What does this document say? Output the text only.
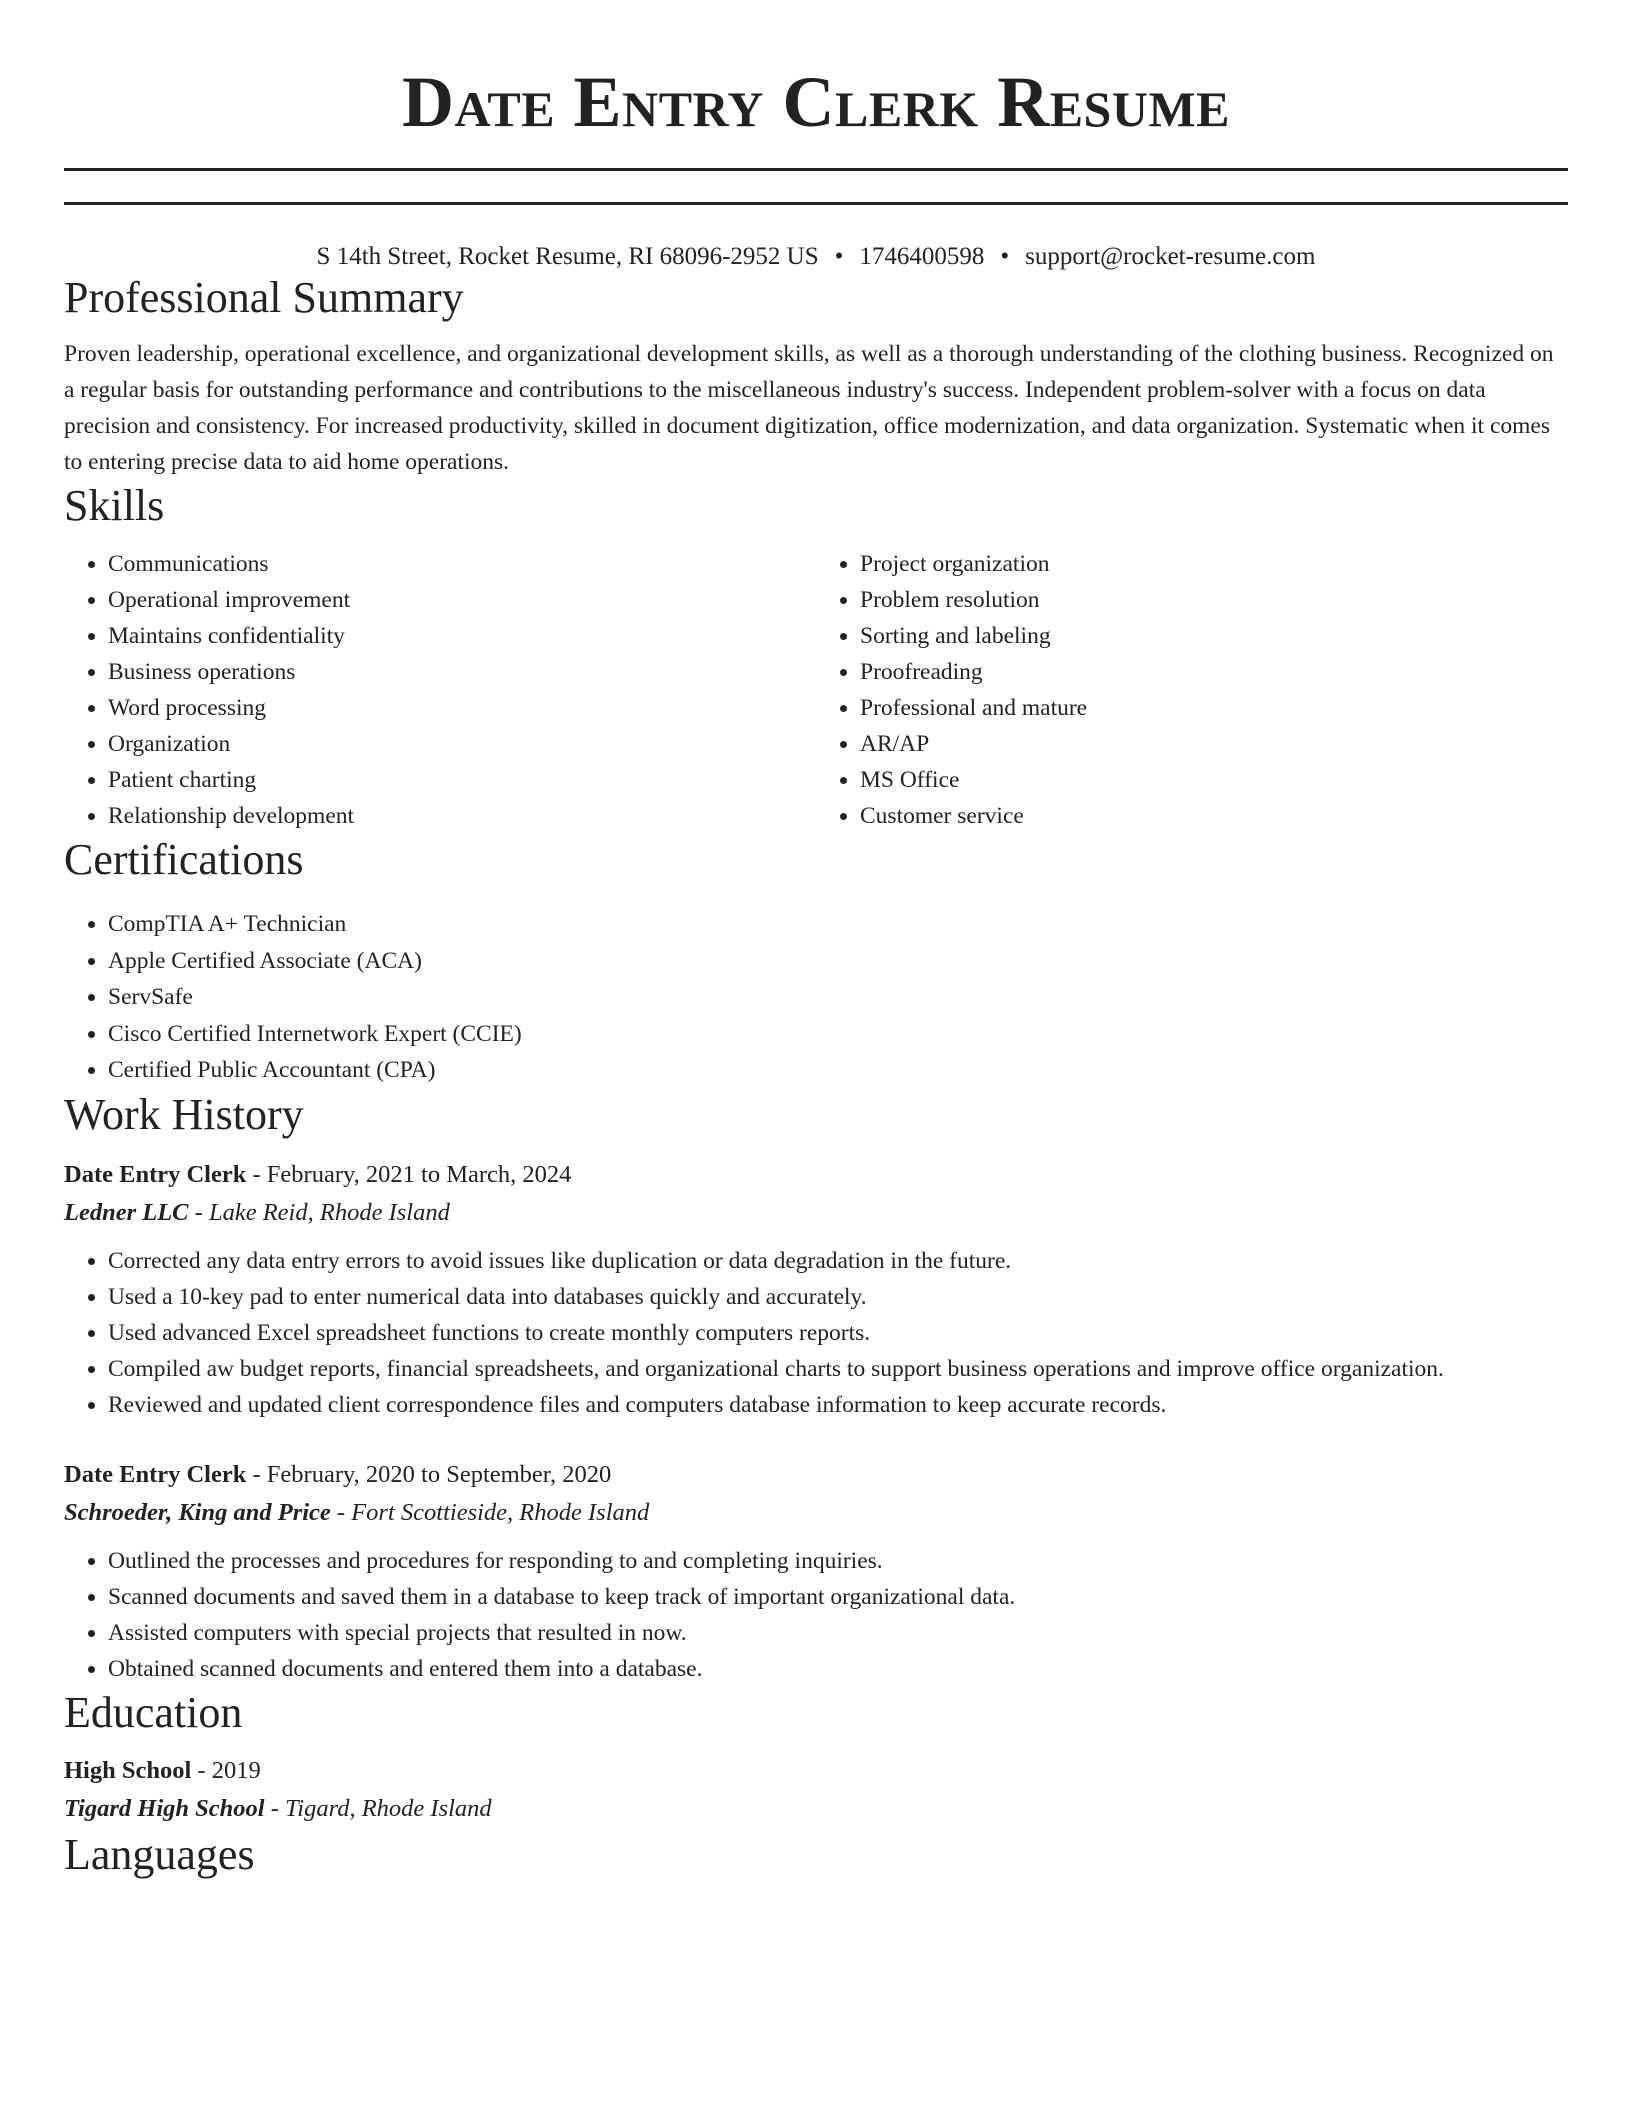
Date Entry Clerk Resume
S 14th Street, Rocket Resume, RI 68096-2952 US • 1746400598 • support@rocket-resume.com
Professional Summary

Proven leadership, operational excellence, and organizational development skills, as well as a thorough understanding of the clothing business. Recognized on a regular basis for outstanding performance and contributions to the miscellaneous industry's success. Independent problem-solver with a focus on data precision and consistency. For increased productivity, skilled in document digitization, office modernization, and data organization. Systematic when it comes to entering precise data to aid home operations.

Skills
• Communications
• Operational improvement
• Maintains confidentiality
• Business operations
• Word processing
• Organization
• Patient charting
• Relationship development
• Project organization
• Problem resolution
• Sorting and labeling
• Proofreading
• Professional and mature
• AR/AP
• MS Office
• Customer service
Certifications
• CompTIA A+ Technician
• Apple Certified Associate (ACA)
• ServSafe
• Cisco Certified Internetwork Expert (CCIE)
• Certified Public Accountant (CPA)
Work History
Date Entry Clerk - February, 2021 to March, 2024
Ledner LLC - Lake Reid, Rhode Island
• Corrected any data entry errors to avoid issues like duplication or data degradation in the future.
• Used a 10-key pad to enter numerical data into databases quickly and accurately.
• Used advanced Excel spreadsheet functions to create monthly computers reports.
• Compiled aw budget reports, financial spreadsheets, and organizational charts to support business operations and improve office organization.
• Reviewed and updated client correspondence files and computers database information to keep accurate records.
Date Entry Clerk - February, 2020 to September, 2020
Schroeder, King and Price - Fort Scottieside, Rhode Island
• Outlined the processes and procedures for responding to and completing inquiries.
• Scanned documents and saved them in a database to keep track of important organizational data.
• Assisted computers with special projects that resulted in now.
• Obtained scanned documents and entered them into a database.
Education
High School - 2019
Tigard High School - Tigard, Rhode Island
Languages
